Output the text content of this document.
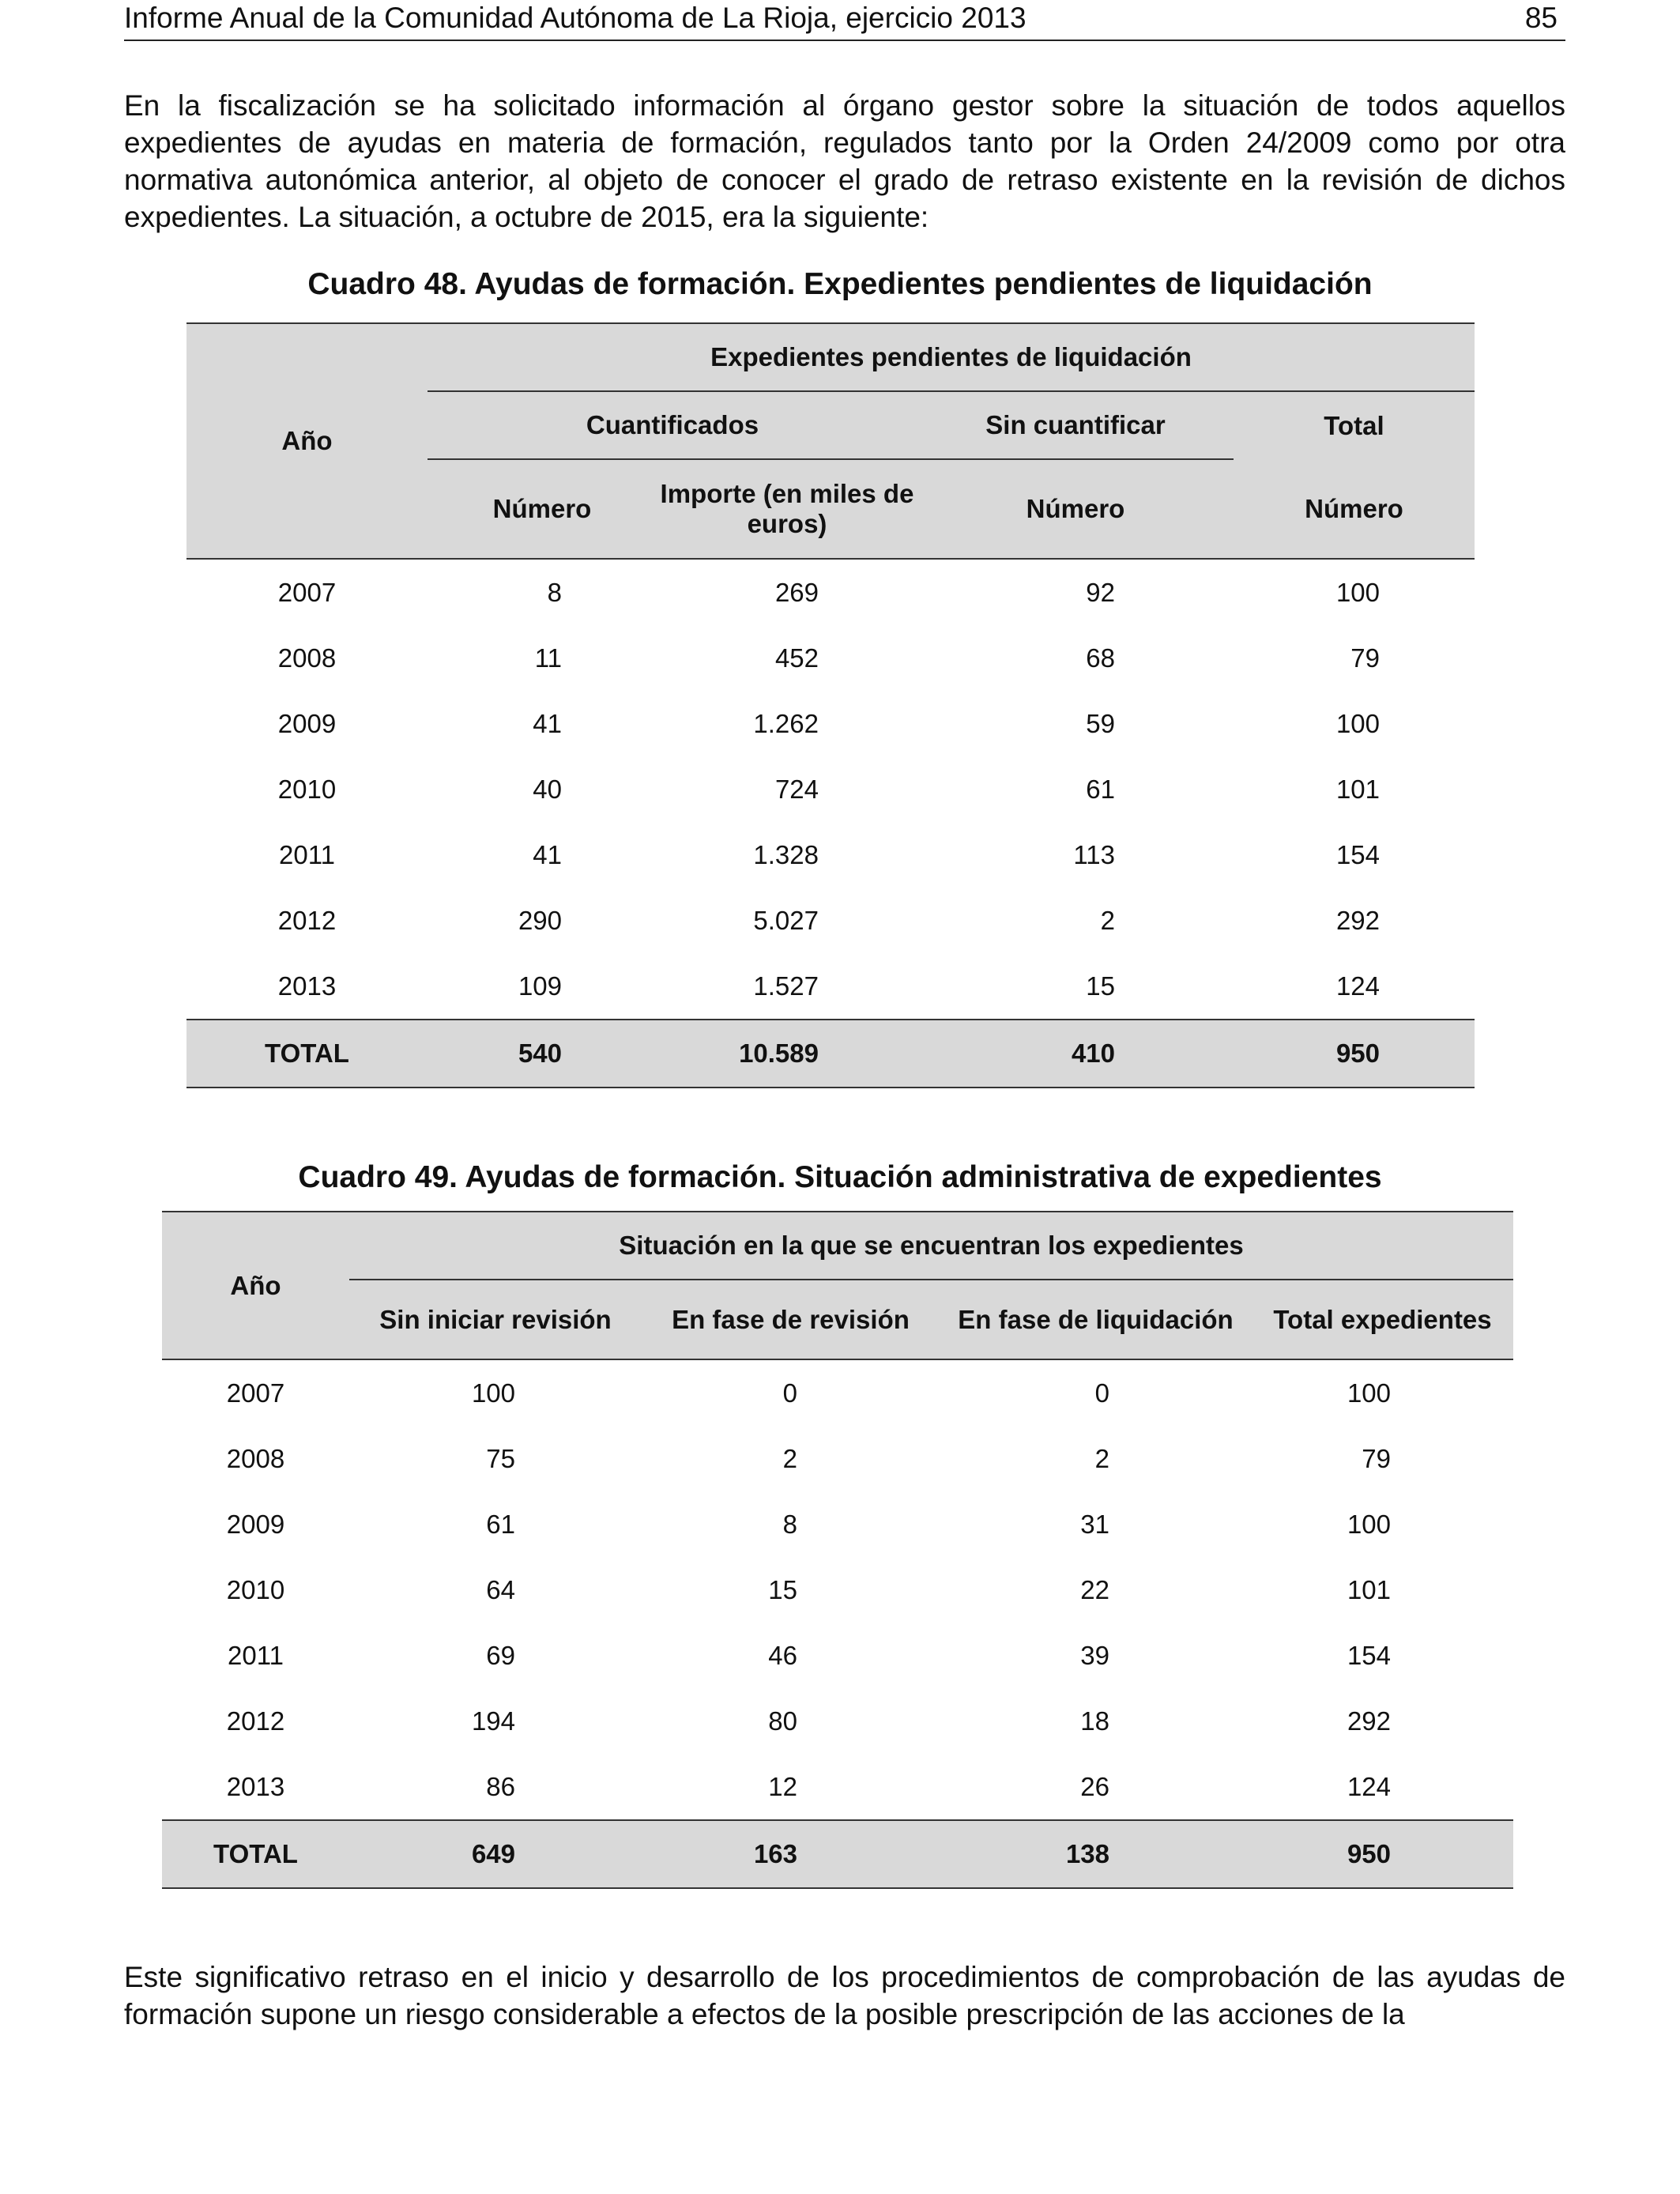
Informe Anual de la Comunidad Autónoma de La Rioja, ejercicio 2013	85

En la fiscalización se ha solicitado información al órgano gestor sobre la situación de todos aquellos expedientes de ayudas en materia de formación, regulados tanto por la Orden 24/2009 como por otra normativa autonómica anterior, al objeto de conocer el grado de retraso existente en la revisión de dichos expedientes. La situación, a octubre de 2015, era la siguiente:

Cuadro 48. Ayudas de formación. Expedientes pendientes de liquidación
Año	Expedientes pendientes de liquidación			
	Cuantificados		Sin cuantificar	Total
	Número	Importe (en miles de euros)	Número	Número
2007	8	269	92	100
2008	11	452	68	79
2009	41	1.262	59	100
2010	40	724	61	101
2011	41	1.328	113	154
2012	290	5.027	2	292
2013	109	1.527	15	124
TOTAL	540	10.589	410	950
Cuadro 49. Ayudas de formación. Situación administrativa de expedientes
Año	Situación en la que se encuentran los expedientes			
	Sin iniciar revisión	En fase de revisión	En fase de liquidación	Total expedientes
2007	100	0	0	100
2008	75	2	2	79
2009	61	8	31	100
2010	64	15	22	101
2011	69	46	39	154
2012	194	80	18	292
2013	86	12	26	124
TOTAL	649	163	138	950

Este significativo retraso en el inicio y desarrollo de los procedimientos de comprobación de las ayudas de formación supone un riesgo considerable a efectos de la posible prescripción de las acciones de la
